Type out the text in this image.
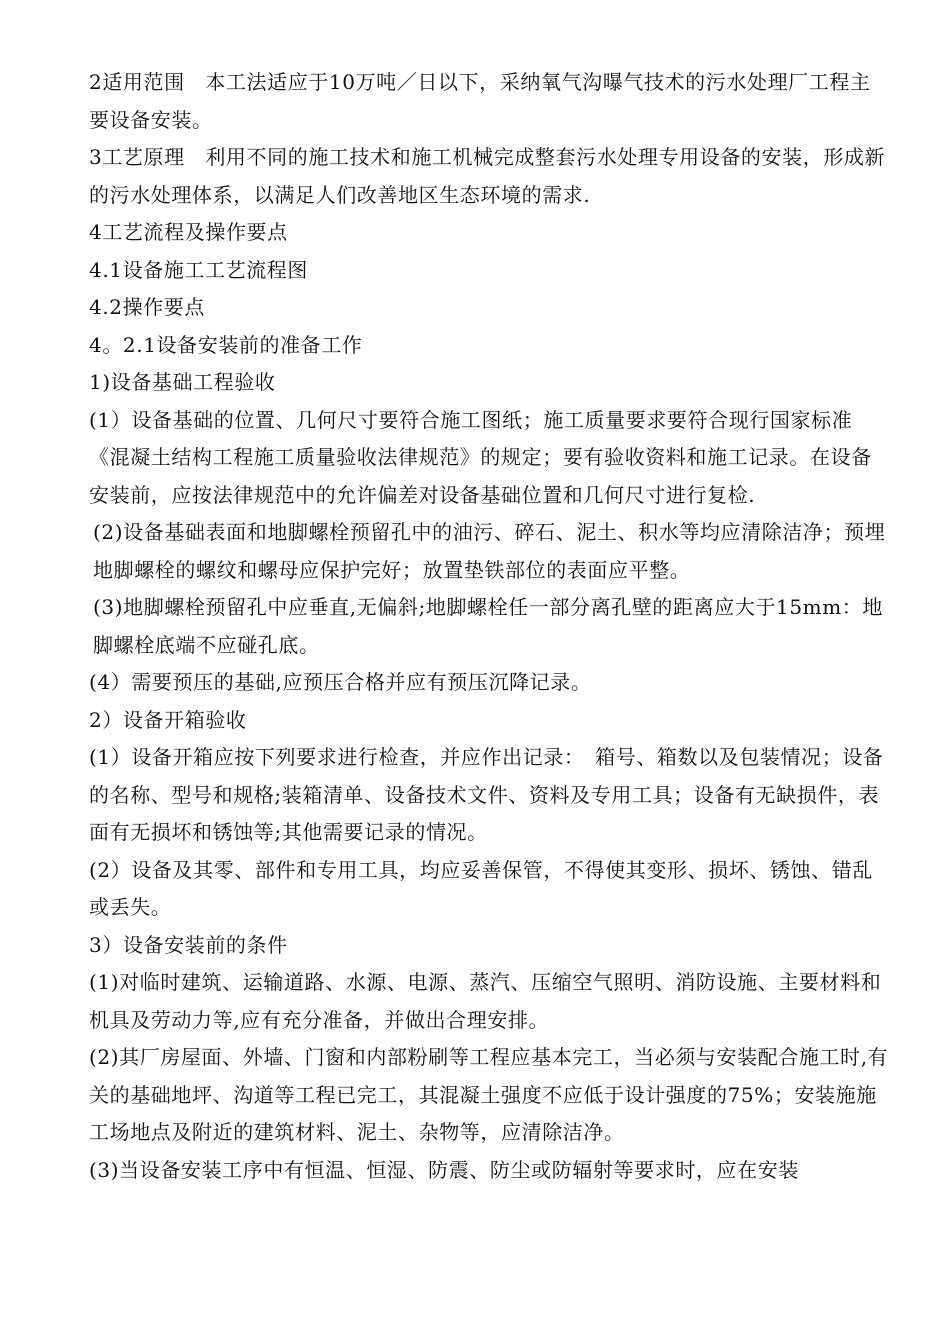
2适用范围　本工法适应于10万吨／日以下，采纳氧气沟曝气技术的污水处理厂工程主要设备安装。

3工艺原理　利用不同的施工技术和施工机械完成整套污水处理专用设备的安装，形成新的污水处理体系，以满足人们改善地区生态环境的需求.

4工艺流程及操作要点

4.1设备施工工艺流程图

4.2操作要点

4。2.1设备安装前的准备工作

1)设备基础工程验收

(1）设备基础的位置、几何尺寸要符合施工图纸；施工质量要求要符合现行国家标准《混凝土结构工程施工质量验收法律规范》的规定；要有验收资料和施工记录。在设备安装前，应按法律规范中的允许偏差对设备基础位置和几何尺寸进行复检.

(2)设备基础表面和地脚螺栓预留孔中的油污、碎石、泥土、积水等均应清除洁净；预埋地脚螺栓的螺纹和螺母应保护完好；放置垫铁部位的表面应平整。

(3)地脚螺栓预留孔中应垂直,无偏斜;地脚螺栓任一部分离孔壁的距离应大于15mm：地脚螺栓底端不应碰孔底。

(4）需要预压的基础,应预压合格并应有预压沉降记录。

2）设备开箱验收

(1）设备开箱应按下列要求进行检查，并应作出记录：　箱号、箱数以及包装情况；设备的名称、型号和规格;装箱清单、设备技术文件、资料及专用工具；设备有无缺损件，表面有无损坏和锈蚀等;其他需要记录的情况。

(2）设备及其零、部件和专用工具，均应妥善保管，不得使其变形、损坏、锈蚀、错乱或丢失。

3）设备安装前的条件

(1)对临时建筑、运输道路、水源、电源、蒸汽、压缩空气照明、消防设施、主要材料和机具及劳动力等,应有充分准备，并做出合理安排。

(2)其厂房屋面、外墙、门窗和内部粉刷等工程应基本完工，当必须与安装配合施工时,有关的基础地坪、沟道等工程已完工，其混凝土强度不应低于设计强度的75%；安装施施工场地点及附近的建筑材料、泥土、杂物等，应清除洁净。

(3)当设备安装工序中有恒温、恒湿、防震、防尘或防辐射等要求时，应在安装
